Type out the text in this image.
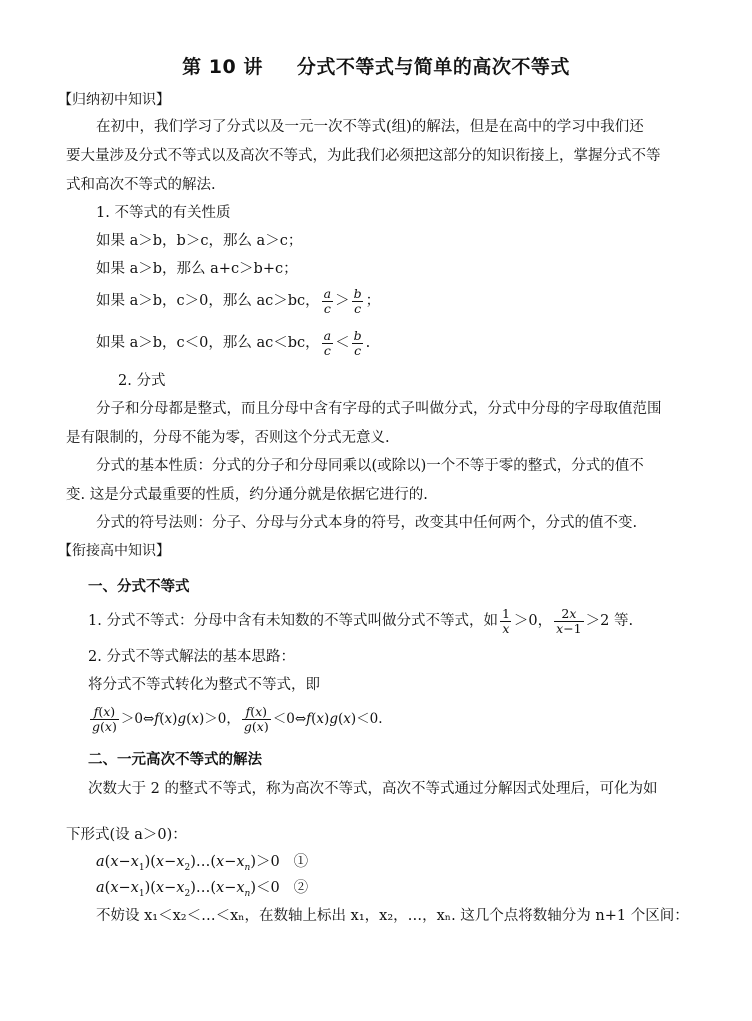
第 10 讲 分式不等式与简单的高次不等式
【归纳初中知识】
在初中，我们学习了分式以及一元一次不等式(组)的解法，但是在高中的学习中我们还
要大量涉及分式不等式以及高次不等式，为此我们必须把这部分的知识衔接上，掌握分式不等
式和高次不等式的解法.
1. 不等式的有关性质
如果 a＞b，b＞c，那么 a＞c；
如果 a＞b，那么 a+c＞b+c；
如果 a＞b，c＞0，那么 ac＞bc， $\frac{a}{c} > \frac{b}{c}$ ；
如果 a＞b，c＜0，那么 ac＜bc， $\frac{a}{c} < \frac{b}{c}$ .
2. 分式
分子和分母都是整式，而且分母中含有字母的式子叫做分式，分式中分母的字母取值范围
是有限制的，分母不能为零，否则这个分式无意义.
分式的基本性质：分式的分子和分母同乘以(或除以)一个不等于零的整式，分式的值不
变. 这是分式最重要的性质，约分通分就是依据它进行的.
分式的符号法则：分子、分母与分式本身的符号，改变其中任何两个，分式的值不变.
【衔接高中知识】
一、分式不等式
1. 分式不等式：分母中含有未知数的不等式叫做分式不等式，如 $\frac{1}{x} >0$， $\frac{2x}{x-1} >2$ 等.
2. 分式不等式解法的基本思路：
将分式不等式转化为整式不等式，即
$\frac{f(x)}{g(x)}$ ＞0⇔f(x)g(x)＞0， $\frac{f(x)}{g(x)}$ ＜0⇔f(x)g(x)＜0.
二、一元高次不等式的解法
次数大于 2 的整式不等式，称为高次不等式，高次不等式通过分解因式处理后，可化为如
下形式(设 a＞0)：
$a(x-x_1)(x-x_2)\dots(x-x_n)>0$   ①
$a(x-x_1)(x-x_2)\dots(x-x_n)<0$   ②
不妨设 x₁＜x₂＜…＜xₙ，在数轴上标出 x₁，x₂，…，xₙ. 这几个点将数轴分为 n+1 个区间：
